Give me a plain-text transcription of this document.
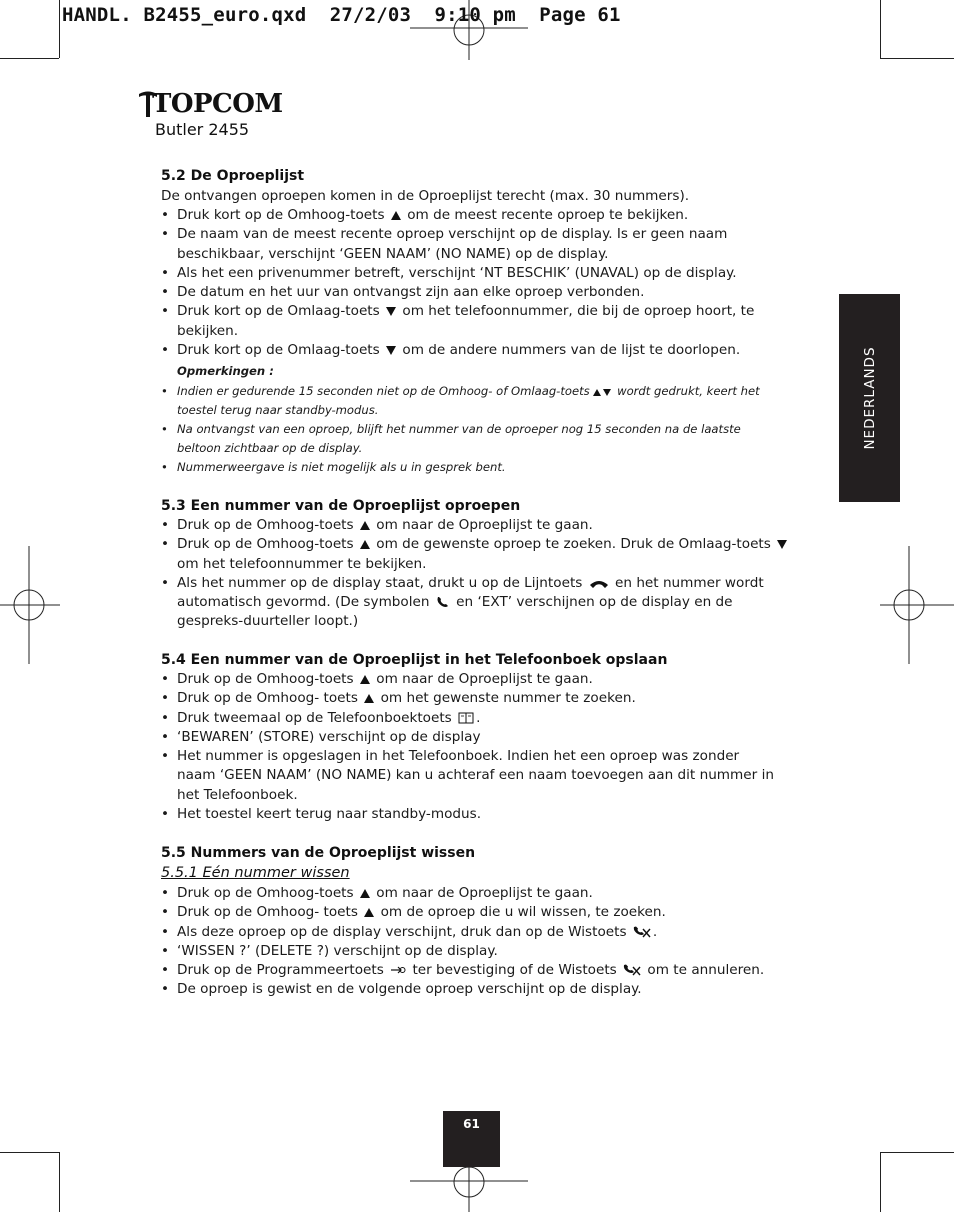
HANDL. B2455_euro.qxd  27/2/03  9:10 pm  Page 61
TOPCOM
Butler 2455
5.2 De Oproeplijst

De ontvangen oproepen komen in de Oproeplijst terecht (max. 30 nummers).

• Druk kort op de Omhoog-toets om de meest recente oproep te bekijken.
• De naam van de meest recente oproep verschijnt op de display. Is er geen naam beschikbaar, verschijnt ‘GEEN NAAM’ (NO NAME) op de display.
• Als het een privenummer betreft, verschijnt ‘NT BESCHIK’ (UNAVAL) op de display.
• De datum en het uur van ontvangst zijn aan elke oproep verbonden.
• Druk kort op de Omlaag-toets om het telefoonnummer, die bij de oproep hoort, te bekijken.
• Druk kort op de Omlaag-toets om de andere nummers van de lijst te doorlopen.
Opmerkingen :
• Indien er gedurende 15 seconden niet op de Omhoog- of Omlaag-toets wordt gedrukt, keert het toestel terug naar standby-modus.
• Na ontvangst van een oproep, blijft het nummer van de oproeper nog 15 seconden na de laatste beltoon zichtbaar op de display.
• Nummerweergave is niet mogelijk als u in gesprek bent.
5.3 Een nummer van de Oproeplijst oproepen
• Druk op de Omhoog-toets om naar de Oproeplijst te gaan.
• Druk op de Omhoog-toets om de gewenste oproep te zoeken. Druk de Omlaag-toets  om het telefoonnummer te bekijken.
• Als het nummer op de display staat, drukt u op de Lijntoets en het nummer wordt automatisch gevormd. (De symbolen en ‘EXT’ verschijnen op de display en de gespreks-duurteller loopt.)
5.4 Een nummer van de Oproeplijst in het Telefoonboek opslaan
• Druk op de Omhoog-toets om naar de Oproeplijst te gaan.
• Druk op de Omhoog- toets om het gewenste nummer te zoeken.
• Druk tweemaal op de Telefoonboektoets .
• ‘BEWAREN’ (STORE) verschijnt op de display
• Het nummer is opgeslagen in het Telefoonboek. Indien het een oproep was zonder naam ‘GEEN NAAM’ (NO NAME) kan u achteraf een naam toevoegen aan dit nummer in het Telefoonboek.
• Het toestel keert terug naar standby-modus.
5.5 Nummers van de Oproeplijst wissen
5.5.1 Eén nummer wissen
• Druk op de Omhoog-toets om naar de Oproeplijst te gaan.
• Druk op de Omhoog- toets om de oproep die u wil wissen, te zoeken.
• Als deze oproep op de display verschijnt, druk dan op de Wistoets .
• ‘WISSEN ?’ (DELETE ?) verschijnt op de display.
• Druk op de Programmeertoets ter bevestiging of de Wistoets om te annuleren.
• De oproep is gewist en de volgende oproep verschijnt op de display.
NEDERLANDS
61
